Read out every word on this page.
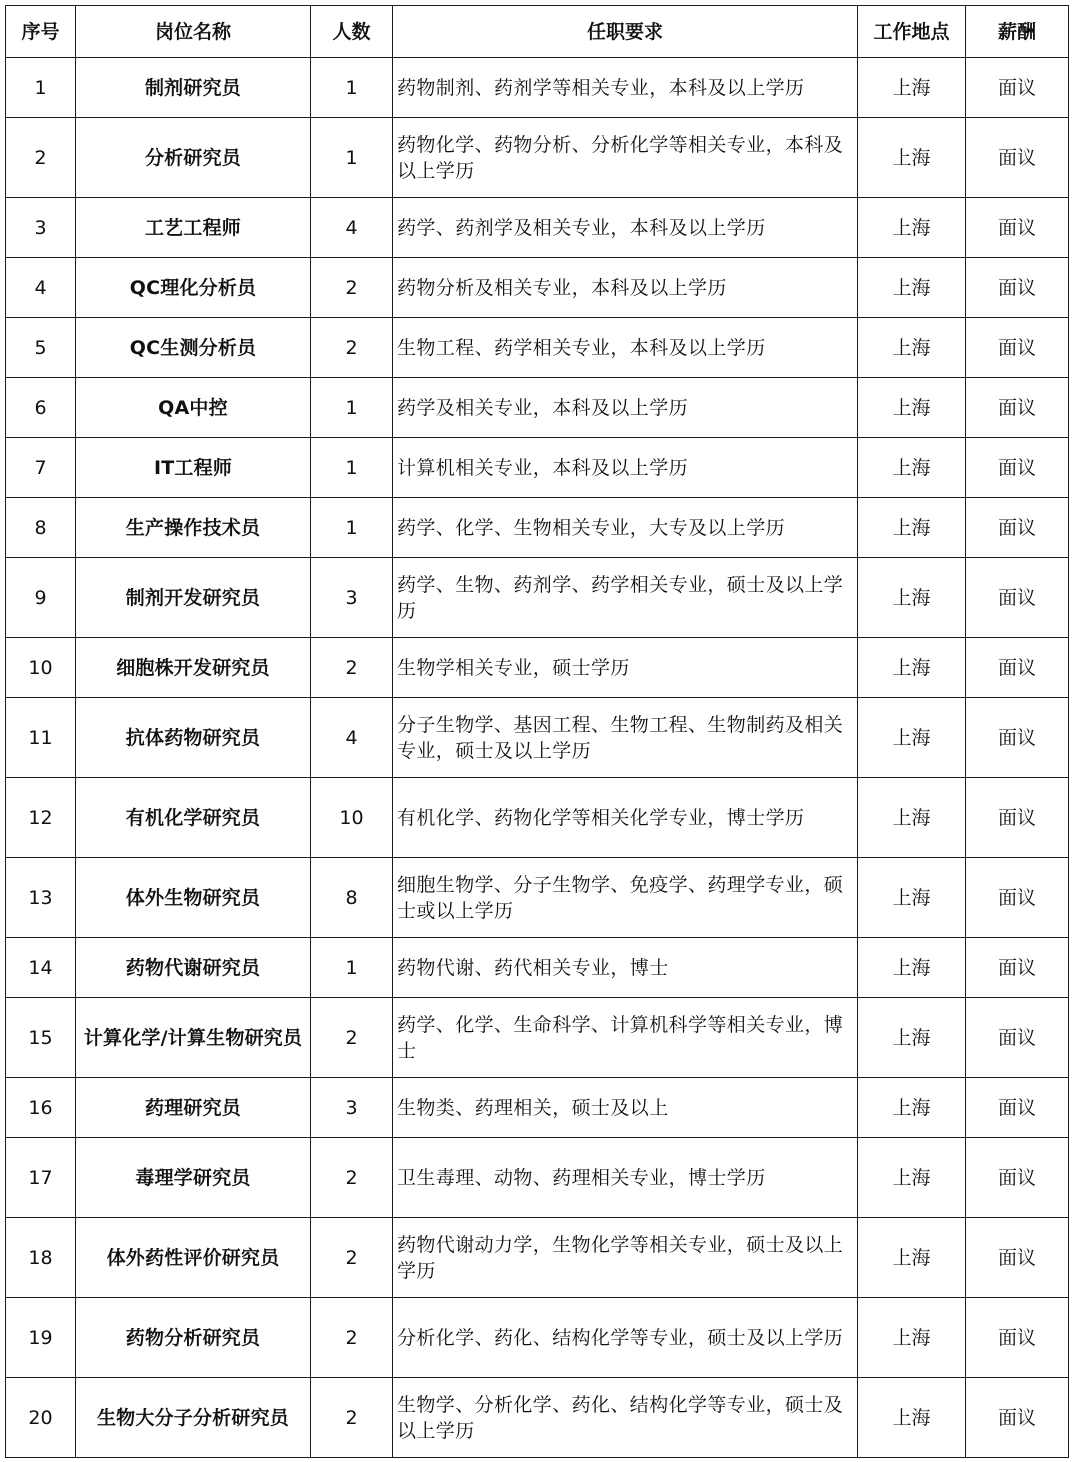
序号	岗位名称	人数	任职要求	工作地点	薪酬
1	制剂研究员	1	药物制剂、药剂学等相关专业，本科及以上学历	上海	面议
2	分析研究员	1	药物化学、药物分析、分析化学等相关专业，本科及以上学历	上海	面议
3	工艺工程师	4	药学、药剂学及相关专业，本科及以上学历	上海	面议
4	QC理化分析员	2	药物分析及相关专业，本科及以上学历	上海	面议
5	QC生测分析员	2	生物工程、药学相关专业，本科及以上学历	上海	面议
6	QA中控	1	药学及相关专业，本科及以上学历	上海	面议
7	IT工程师	1	计算机相关专业，本科及以上学历	上海	面议
8	生产操作技术员	1	药学、化学、生物相关专业，大专及以上学历	上海	面议
9	制剂开发研究员	3	药学、生物、药剂学、药学相关专业，硕士及以上学历	上海	面议
10	细胞株开发研究员	2	生物学相关专业，硕士学历	上海	面议
11	抗体药物研究员	4	分子生物学、基因工程、生物工程、生物制药及相关专业，硕士及以上学历	上海	面议
12	有机化学研究员	10	有机化学、药物化学等相关化学专业，博士学历	上海	面议
13	体外生物研究员	8	细胞生物学、分子生物学、免疫学、药理学专业，硕士或以上学历	上海	面议
14	药物代谢研究员	1	药物代谢、药代相关专业，博士	上海	面议
15	计算化学/计算生物研究员	2	药学、化学、生命科学、计算机科学等相关专业，博士	上海	面议
16	药理研究员	3	生物类、药理相关，硕士及以上	上海	面议
17	毒理学研究员	2	卫生毒理、动物、药理相关专业，博士学历	上海	面议
18	体外药性评价研究员	2	药物代谢动力学，生物化学等相关专业，硕士及以上学历	上海	面议
19	药物分析研究员	2	分析化学、药化、结构化学等专业，硕士及以上学历	上海	面议
20	生物大分子分析研究员	2	生物学、分析化学、药化、结构化学等专业，硕士及以上学历	上海	面议
